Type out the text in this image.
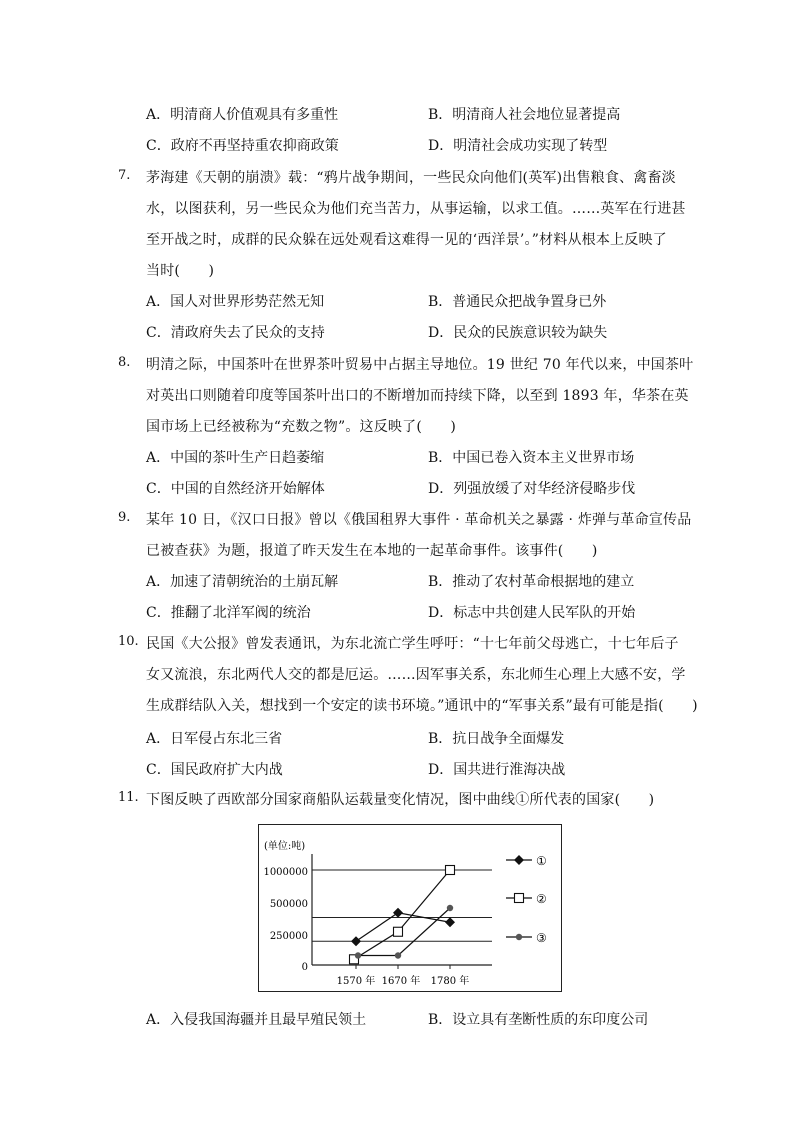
A．明清商人价值观具有多重性	B．明清商人社会地位显著提高
C．政府不再坚持重农抑商政策	D．明清社会成功实现了转型
7. 茅海建《天朝的崩溃》载：“鸦片战争期间，一些民众向他们(英军)出售粮食、禽畜淡
水，以图获利，另一些民众为他们充当苦力，从事运输，以求工值。……英军在行进甚
至开战之时，成群的民众躲在远处观看这难得一见的‘西洋景’。”材料从根本上反映了
当时(　　)
A．国人对世界形势茫然无知	B．普通民众把战争置身已外
C．清政府失去了民众的支持	D．民众的民族意识较为缺失
8. 明清之际，中国茶叶在世界茶叶贸易中占据主导地位。19 世纪 70 年代以来，中国茶叶
对英出口则随着印度等国茶叶出口的不断增加而持续下降，以至到 1893 年，华茶在英
国市场上已经被称为“充数之物”。这反映了(　　)
A．中国的茶叶生产日趋萎缩	B．中国已卷入资本主义世界市场
C．中国的自然经济开始解体	D．列强放缓了对华经济侵略步伐
9. 某年 10 日，《汉口日报》曾以《俄国租界大事件 · 革命机关之暴露 · 炸弹与革命宣传品
已被查获》为题，报道了昨天发生在本地的一起革命事件。该事件(　　)
A．加速了清朝统治的土崩瓦解	B．推动了农村革命根据地的建立
C．推翻了北洋军阀的统治	D．标志中共创建人民军队的开始
10. 民国《大公报》曾发表通讯，为东北流亡学生呼吁：“十七年前父母逃亡，十七年后子
女又流浪，东北两代人交的都是厄运。……因军事关系，东北师生心理上大感不安，学
生成群结队入关，想找到一个安定的读书环境。”通讯中的“军事关系”最有可能是指(　　)
A．日军侵占东北三省	B．抗日战争全面爆发
C．国民政府扩大内战	D．国共进行淮海决战
11. 下图反映了西欧部分国家商船队运载量变化情况，图中曲线①所代表的国家(　　)
(单位:吨)
1000000
500000
250000
0
1570 年 1670 年 1780 年
①
②
③
A．入侵我国海疆并且最早殖民领土	B．设立具有垄断性质的东印度公司
